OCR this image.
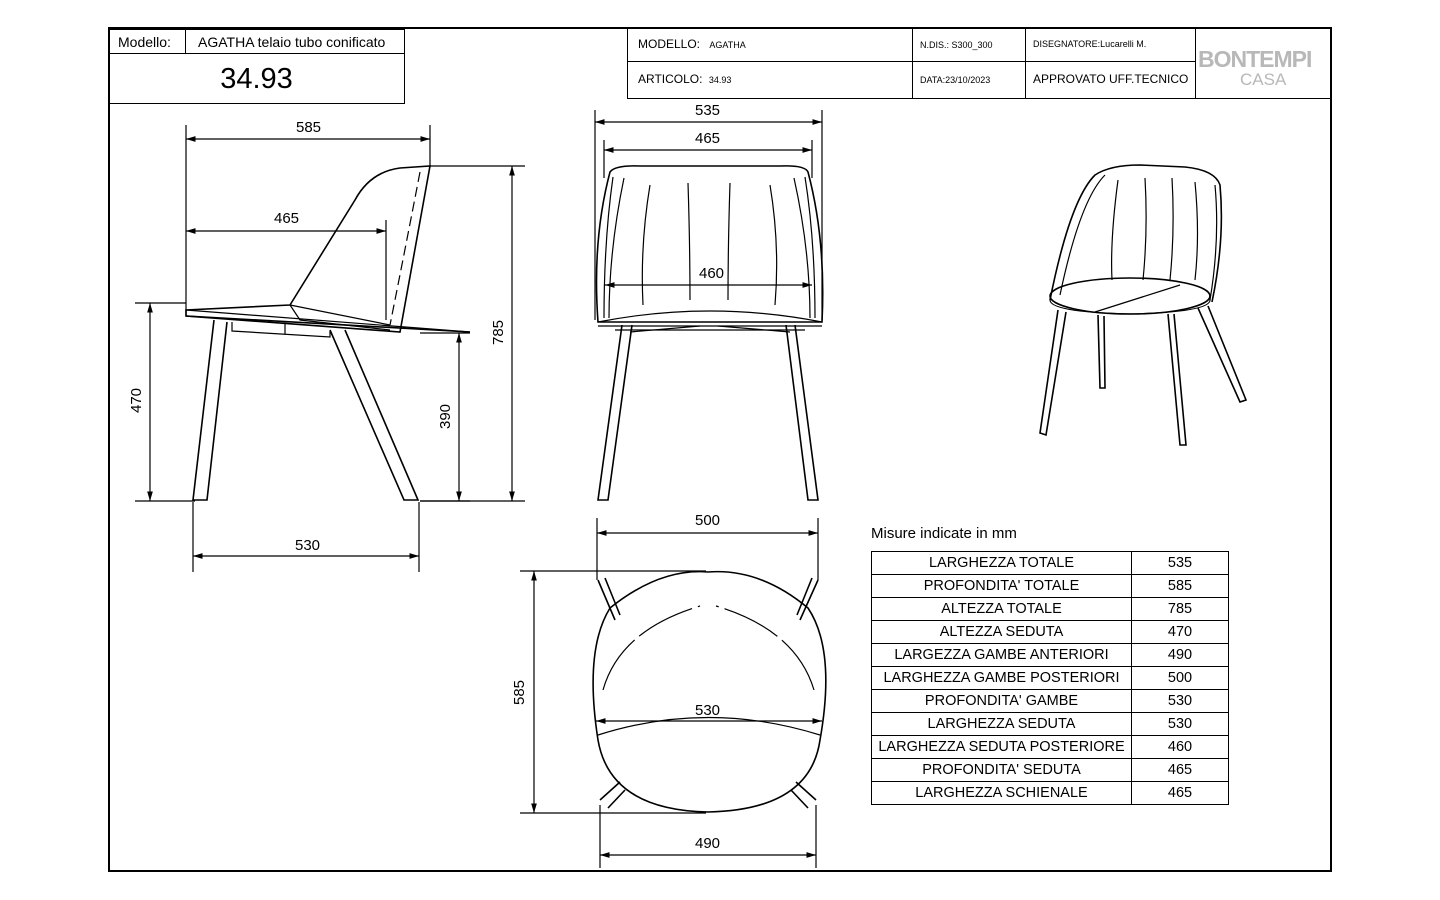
Modello:	AGATHA telaio tubo conificato
34.93
MODELLO: AGATHA
ARTICOLO: 34.93
N.DIS.: S300_300
DATA:23/10/2023
DISEGNATORE:Lucarelli M.
APPROVATO UFF.TECNICO
BONTEMPI
CASA
585
465
470
390
785
530
535
465
460
500
530
585
490
Misure indicate in mm
LARGHEZZA TOTALE	535
PROFONDITA' TOTALE	585
ALTEZZA TOTALE	785
ALTEZZA SEDUTA	470
LARGEZZA GAMBE ANTERIORI	490
LARGHEZZA GAMBE POSTERIORI	500
PROFONDITA' GAMBE	530
LARGHEZZA SEDUTA	530
LARGHEZZA SEDUTA POSTERIORE	460
PROFONDITA' SEDUTA	465
LARGHEZZA SCHIENALE	465
